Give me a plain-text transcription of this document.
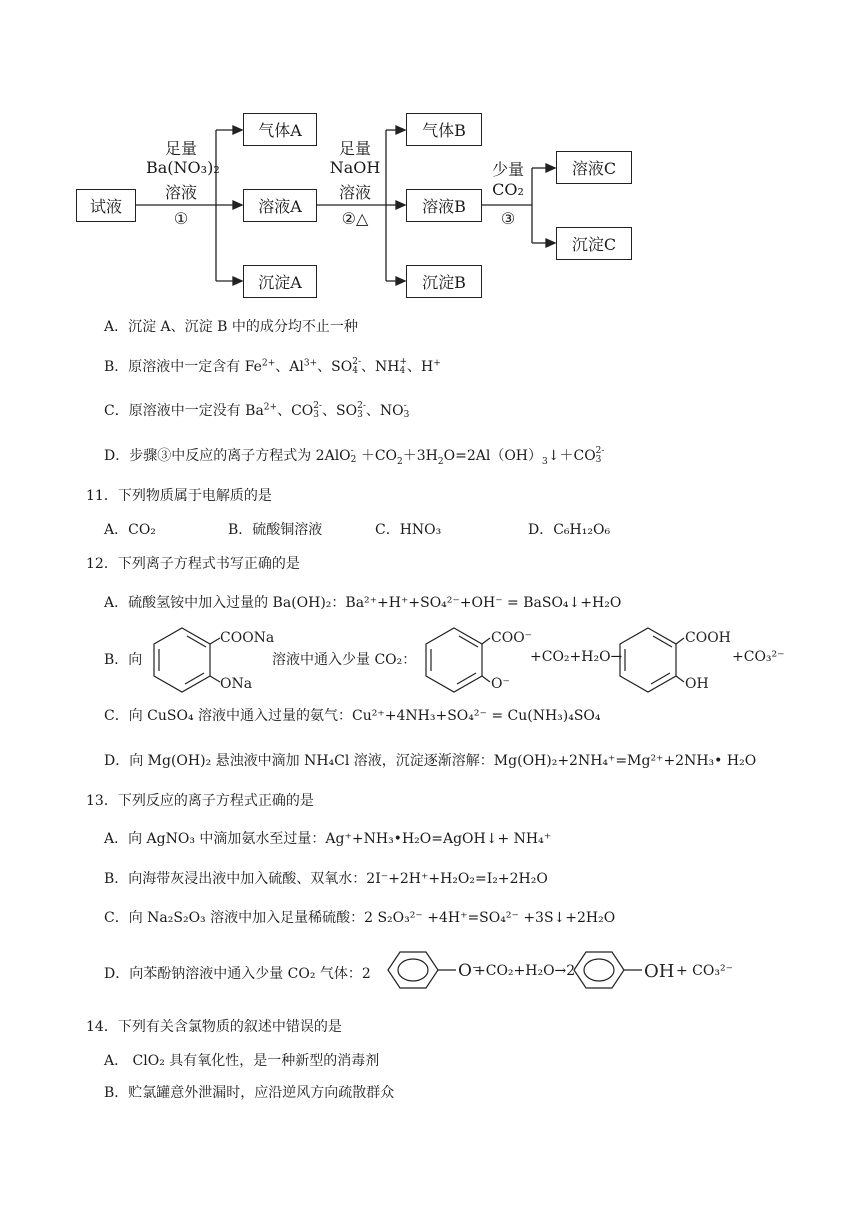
试液
足量
Ba(NO₃)₂
溶液
①
气体A
溶液A
沉淀A
足量
NaOH
溶液
②△
气体B
溶液B
沉淀B
少量
CO₂
③
溶液C
沉淀C
A．沉淀 A、沉淀 B 中的成分均不止一种
B．原溶液中一定含有 $Fe^{2+}$、$Al^{3+}$、SO 2-
4 、NH +
4 、H+
C．原溶液中一定没有 $Ba^{2+}$、CO 2-
3 、SO 2-
3 、NO -
3
D．步骤③中反应的离子方程式为 2AlO -
$2 +CO_2+3H_2O=2Al(OH)_3↓+CO$ 2-
3
11．下列物质属于电解质的是
A．CO₂	B．硫酸铜溶液	C．HNO₃	D．C₆H₁₂O₆
12．下列离子方程式书写正确的是
A．硫酸氢铵中加入过量的 Ba(OH)₂：Ba²⁺+H⁺+SO₄²⁻+OH⁻ = BaSO₄↓+H₂O
B．向
COONa
ONa
溶液中通入少量 CO₂：
COO⁻
O⁻
+CO₂+H₂O→
COOH
OH
+CO₃²⁻
C．向 CuSO₄ 溶液中通入过量的氨气：Cu²⁺+4NH₃+SO₄²⁻ = Cu(NH₃)₄SO₄
D．向 Mg(OH)₂ 悬浊液中滴加 NH₄Cl 溶液，沉淀逐渐溶解：Mg(OH)₂+2NH₄⁺=Mg²⁺+2NH₃• H₂O
13．下列反应的离子方程式正确的是
A．向 AgNO₃ 中滴加氨水至过量：Ag⁺+NH₃•H₂O=AgOH↓+ NH₄⁺
B．向海带灰浸出液中加入硫酸、双氧水：2I⁻+2H⁺+H₂O₂=I₂+2H₂O
C．向 Na₂S₂O₃ 溶液中加入足量稀硫酸：2 S₂O₃²⁻ +4H⁺=SO₄²⁻ +3S↓+2H₂O
D．向苯酚钠溶液中通入少量 CO₂ 气体：2	O⁻
+CO₂+H₂O→2	OH + CO₃²⁻
14．下列有关含氯物质的叙述中错误的是
A． ClO₂ 具有氧化性，是一种新型的消毒剂
B．贮氯罐意外泄漏时，应沿逆风方向疏散群众
